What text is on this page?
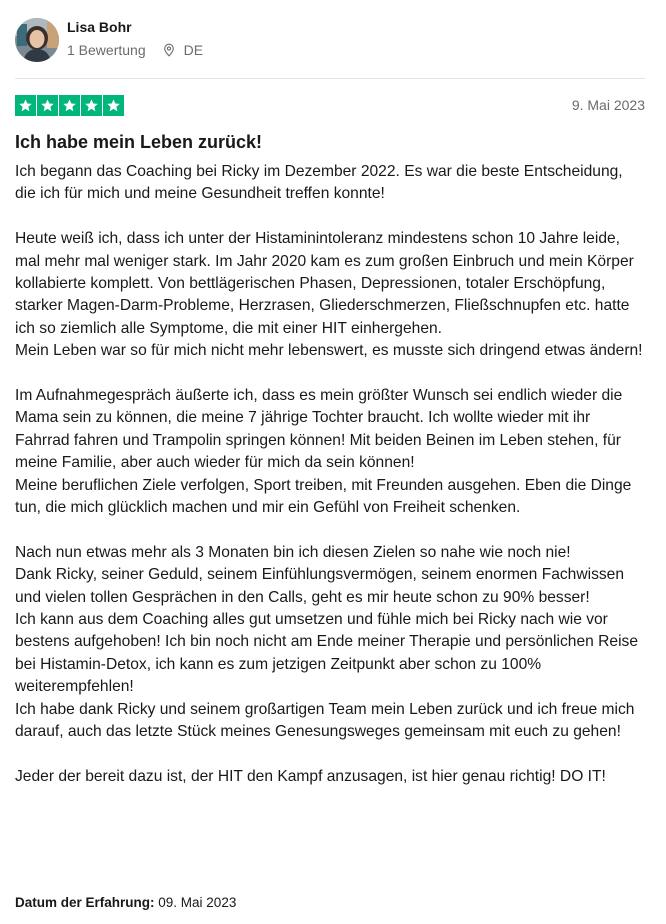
Lisa Bohr
1 Bewertung	DE
9. Mai 2023
Ich habe mein Leben zurück!
Ich begann das Coaching bei Ricky im Dezember 2022. Es war die beste Entscheidung, die ich für mich und meine Gesundheit treffen konnte!
Heute weiß ich, dass ich unter der Histaminintoleranz mindestens schon 10 Jahre leide, mal mehr mal weniger stark. Im Jahr 2020 kam es zum großen Einbruch und mein Körper kollabierte komplett. Von bettlägerischen Phasen, Depressionen, totaler Erschöpfung, starker Magen-Darm-Probleme, Herzrasen, Gliederschmerzen, Fließschnupfen etc. hatte ich so ziemlich alle Symptome, die mit einer HIT einhergehen.
Mein Leben war so für mich nicht mehr lebenswert, es musste sich dringend etwas ändern!
Im Aufnahmegespräch äußerte ich, dass es mein größter Wunsch sei endlich wieder die Mama sein zu können, die meine 7 jährige Tochter braucht. Ich wollte wieder mit ihr Fahrrad fahren und Trampolin springen können! Mit beiden Beinen im Leben stehen, für meine Familie, aber auch wieder für mich da sein können!
Meine beruflichen Ziele verfolgen, Sport treiben, mit Freunden ausgehen. Eben die Dinge tun, die mich glücklich machen und mir ein Gefühl von Freiheit schenken.
Nach nun etwas mehr als 3 Monaten bin ich diesen Zielen so nahe wie noch nie!
Dank Ricky, seiner Geduld, seinem Einfühlungsvermögen, seinem enormen Fachwissen und vielen tollen Gesprächen in den Calls, geht es mir heute schon zu 90% besser!
Ich kann aus dem Coaching alles gut umsetzen und fühle mich bei Ricky nach wie vor bestens aufgehoben! Ich bin noch nicht am Ende meiner Therapie und persönlichen Reise bei Histamin-Detox, ich kann es zum jetzigen Zeitpunkt aber schon zu 100% weiterempfehlen!
Ich habe dank Ricky und seinem großartigen Team mein Leben zurück und ich freue mich darauf, auch das letzte Stück meines Genesungsweges gemeinsam mit euch zu gehen!
Jeder der bereit dazu ist, der HIT den Kampf anzusagen, ist hier genau richtig! DO IT!
Datum der Erfahrung: 09. Mai 2023
